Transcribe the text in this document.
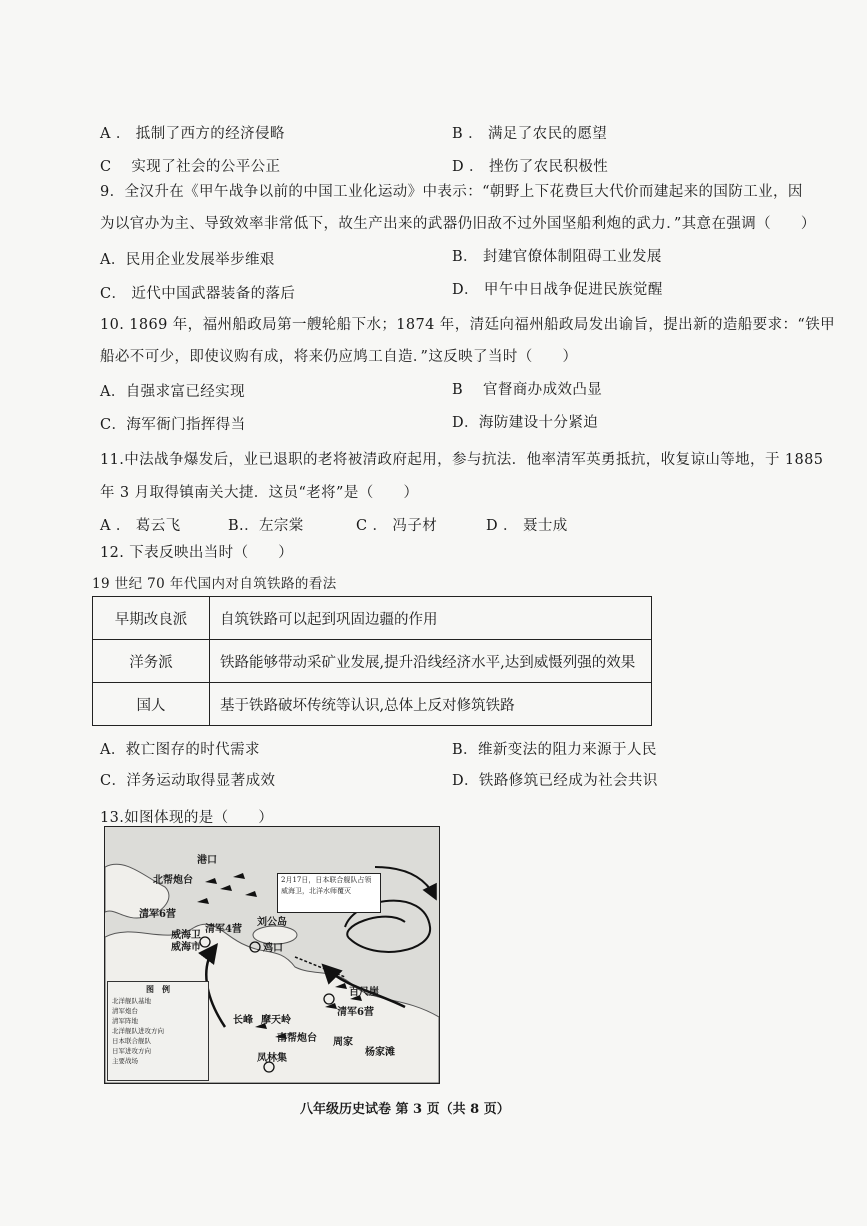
A ． 抵制了西方的经济侵略	B ． 满足了农民的愿望
C　 实现了社会的公平公正	D ． 挫伤了农民积极性
9．全汉升在《甲午战争以前的中国工业化运动》中表示：“朝野上下花费巨大代价而建起来的国防工业，因
为以官办为主、导致效率非常低下，故生产出来的武器仍旧敌不过外国坚船利炮的武力．”其意在强调（　　）
A．民用企业发展举步维艰	B． 封建官僚体制阻碍工业发展
C． 近代中国武器装备的落后	D． 甲午中日战争促进民族觉醒
10. 1869 年，福州船政局第一艘轮船下水；1874 年，清廷向福州船政局发出谕旨，提出新的造船要求：“铁甲
船必不可少，即使议购有成，将来仍应鸠工自造．”这反映了当时（　　）
A．自强求富已经实现	B　 官督商办成效凸显
C．海军衙门指挥得当	D．海防建设十分紧迫
11.中法战争爆发后，业已退职的老将被清政府起用，参与抗法．他率清军英勇抵抗，收复谅山等地，于 1885
年 3 月取得镇南关大捷．这员“老将”是（　　）
A ． 葛云飞	B.．左宗棠	C ． 冯子材	D ． 聂士成
12. 下表反映出当时（　　）
19 世纪 70 年代国内对自筑铁路的看法
早期改良派	自筑铁路可以起到巩固边疆的作用
洋务派	铁路能够带动采矿业发展,提升沿线经济水平,达到威慑列强的效果
国人	基于铁路破坏传统等认识,总体上反对修筑铁路
A．救亡图存的时代需求	B．维新变法的阻力来源于人民
C．洋务运动取得显著成效	D．铁路修筑已经成为社会共识
13.如图体现的是（　　）
2月17日，日本联合舰队占领威海卫，北洋水师覆灭
港口
北帮炮台
清军6营
威海卫
威海市
清军4营
刘公岛
鸡口
百尺崖
清军6营
长峰 摩天岭
南帮炮台
凤林集
周家
杨家滩
图　例
北洋舰队基地
清军炮台
清军阵地
北洋舰队进攻方向
日本联合舰队
日军进攻方向
主要战场
八年级历史试卷 第 3 页（共 8 页）
